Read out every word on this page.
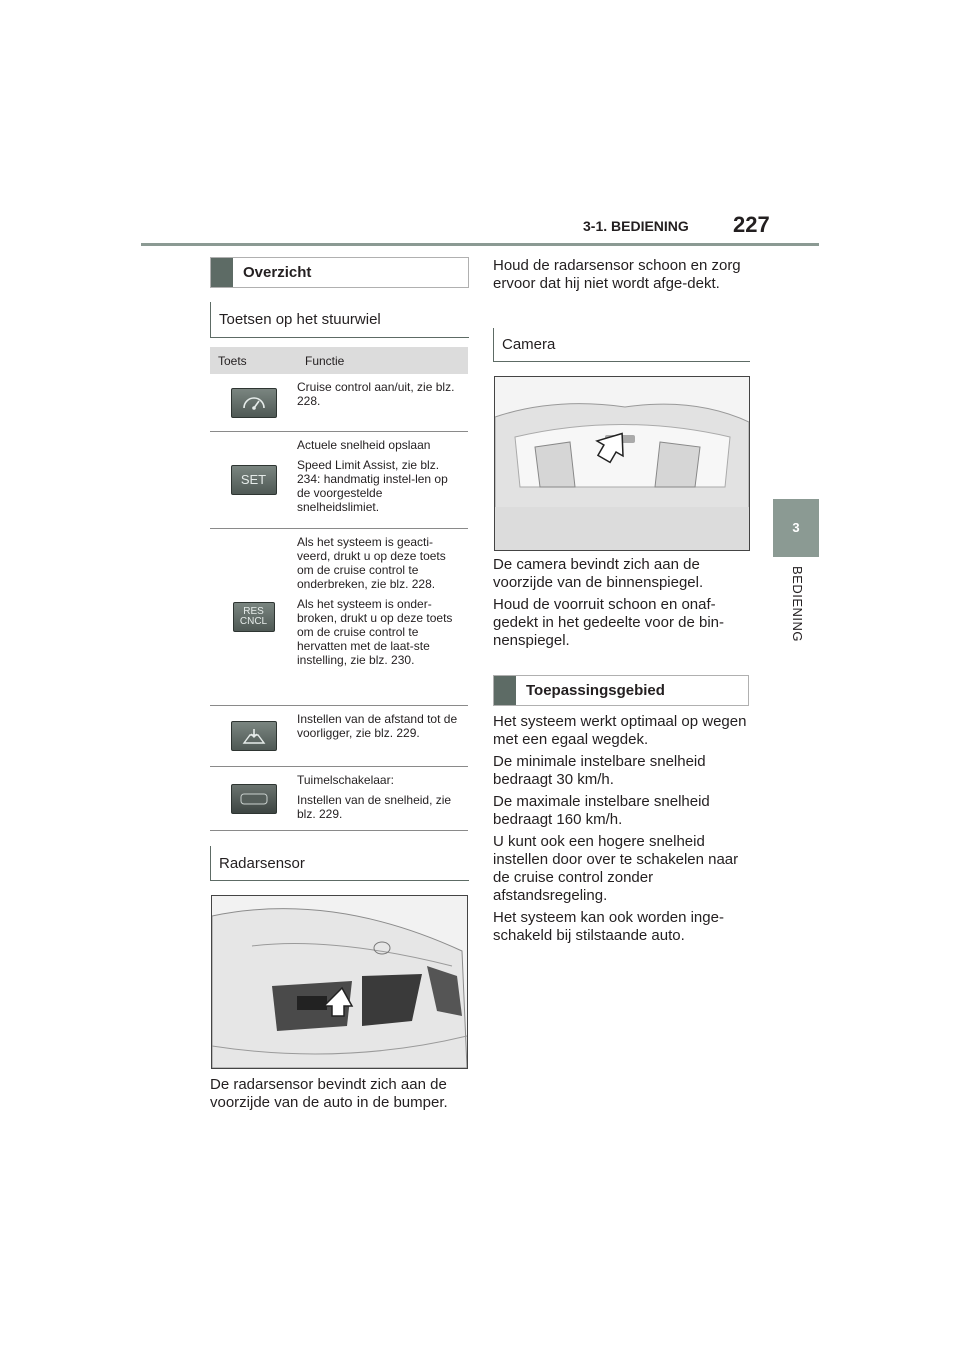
3-1. BEDIENING 227
3
BEDIENING
Overzicht
Toetsen op het stuurwiel
Toets	Functie

Cruise control aan/uit, zie blz. 228.

SET

Actuele snelheid opslaan

Speed Limit Assist, zie blz. 234: handmatig instel-len op de voorgestelde snelheidslimiet.

RES CNCL

Als het systeem is geacti-veerd, drukt u op deze toets om de cruise control te onderbreken, zie blz. 228.

Als het systeem is onder-broken, drukt u op deze toets om de cruise control te hervatten met de laat-ste instelling, zie blz. 230.

Instellen van de afstand tot de voorligger, zie blz. 229.

Tuimelschakelaar:

Instellen van de snelheid, zie blz. 229.

Radarsensor
De radarsensor bevindt zich aan de voorzijde van de auto in de bumper.
Houd de radarsensor schoon en zorg ervoor dat hij niet wordt afge-dekt.
Camera

De camera bevindt zich aan de voorzijde van de binnenspiegel.

Houd de voorruit schoon en onaf-gedekt in het gedeelte voor de bin-nenspiegel.

Toepassingsgebied

Het systeem werkt optimaal op wegen met een egaal wegdek.

De minimale instelbare snelheid bedraagt 30 km/h.

De maximale instelbare snelheid bedraagt 160 km/h.

U kunt ook een hogere snelheid instellen door over te schakelen naar de cruise control zonder afstandsregeling.

Het systeem kan ook worden inge-schakeld bij stilstaande auto.
